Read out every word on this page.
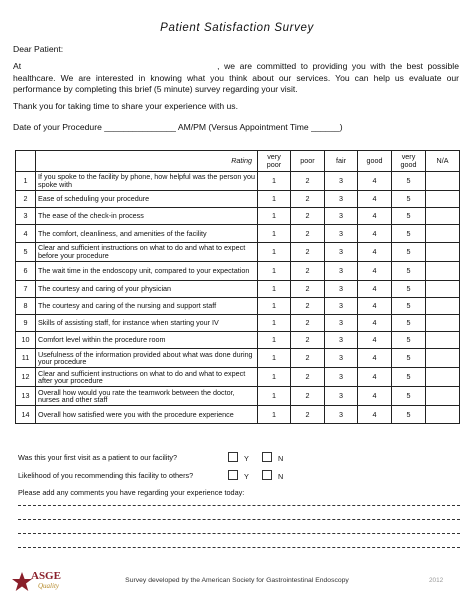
Patient Satisfaction Survey
Dear Patient:
At	, we are committed to providing you with the best possible healthcare. We are interested in knowing what you think about our services. You can help us evaluate our performance by completing this brief (5 minute) survey regarding your visit.
Thank you for taking time to share your experience with us.
Date of your Procedure _______________ AM/PM (Versus Appointment Time ______)
	Rating	very poor	poor	fair	good	very good	N/A
1	If you spoke to the facility by phone, how helpful was the person you spoke with	1	2	3	4	5	
2	Ease of scheduling your procedure	1	2	3	4	5	
3	The ease of the check-in process	1	2	3	4	5	
4	The comfort, cleanliness, and amenities of the facility	1	2	3	4	5	
5	Clear and sufficient instructions on what to do and what to expect before your procedure	1	2	3	4	5	
6	The wait time in the endoscopy unit, compared to your expectation	1	2	3	4	5	
7	The courtesy and caring of your physician	1	2	3	4	5	
8	The courtesy and caring of the nursing and support staff	1	2	3	4	5	
9	Skills of assisting staff, for instance when starting your IV	1	2	3	4	5	
10	Comfort level within the procedure room	1	2	3	4	5	
11	Usefulness of the information provided about what was done during your procedure	1	2	3	4	5	
12	Clear and sufficient instructions on what to do and what to expect after your procedure	1	2	3	4	5	
13	Overall how would you rate the teamwork between the doctor, nurses and other staff	1	2	3	4	5	
14	Overall how satisfied were you with the procedure experience	1	2	3	4	5	
Was this your first visit as a patient to our facility?	Y	N
Likelihood of you recommending this facility to others?	Y	N
Please add any comments you have regarding your experience today:
ASGE
Quality
Survey developed by the American Society for Gastrointestinal Endoscopy	2012
